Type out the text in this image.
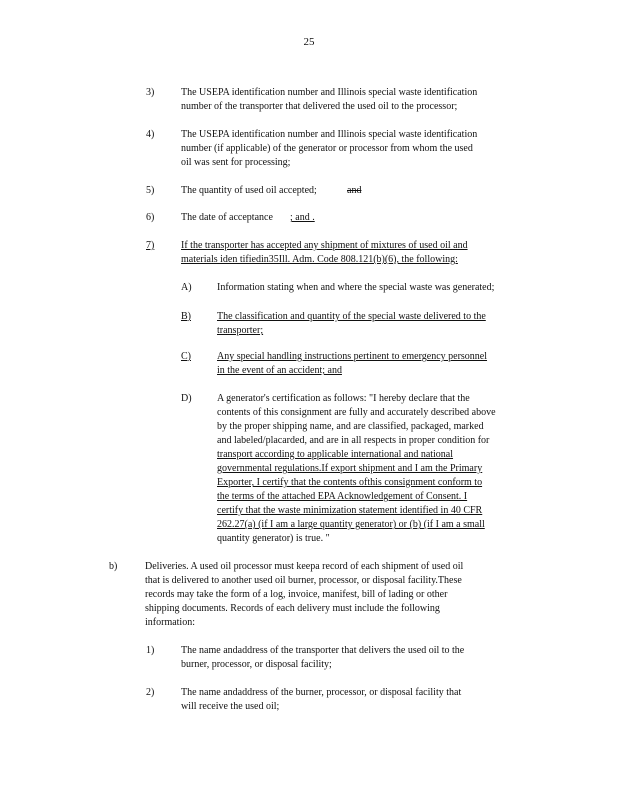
25
3)	The USEPA identification number and Illinois special waste identification
number of the transporter that delivered the used oil to the processor;
4)	The USEPA identification number and Illinois special waste identification
number (if applicable) of the generator or processor from whom the used
oil was sent for processing;
5)	The quantity of used oil accepted;	and
6)	The date of acceptance ; and .
7)	If the transporter has accepted any shipment of mixtures of used oil and
materials iden tifiedin35Ill. Adm. Code 808.121(b)(6), the following:
A)	Information stating when and where the special waste was generated;
B)	The classification and quantity of the special waste delivered to the
transporter;
C)	Any special handling instructions pertinent to emergency personnel
in the event of an accident; and
D)	A generator's certification as follows: "I hereby declare that the
contents of this consignment are fully and accurately described above
by the proper shipping name, and are classified, packaged, marked
and labeled/placarded, and are in all respects in proper condition for
transport according to applicable international and national
governmental regulations.If export shipment and I am the Primary
Exporter, I certify that the contents ofthis consignment conform to
the terms of the attached EPA Acknowledgement of Consent. I
certify that the waste minimization statement identified in 40 CFR
262.27(a) (if I am a large quantity generator) or (b) (if I am a small
quantity generator) is true. "
b)	Deliveries. A used oil processor must keepa record of each shipment of used oil
that is delivered to another used oil burner, processor, or disposal facility.These
records may take the form of a log, invoice, manifest, bill of lading or other
shipping documents. Records of each delivery must include the following
information:
1)	The name andaddress of the transporter that delivers the used oil to the
burner, processor, or disposal facility;
2)	The name andaddress of the burner, processor, or disposal facility that
will receive the used oil;
